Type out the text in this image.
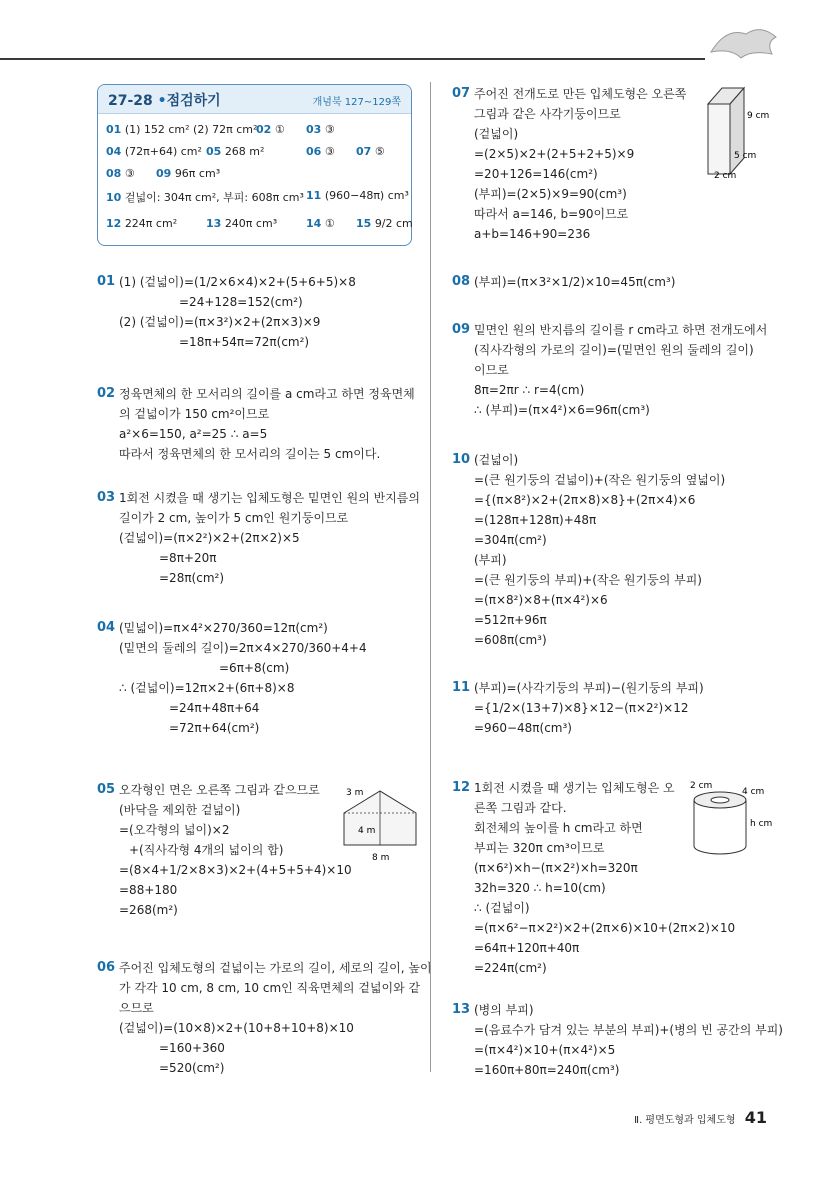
27-28 •점검하기	개념북 127~129쪽
01 (1) 152 cm² (2) 72π cm²
02 ① 03 ③
04 (72π+64) cm² 05 268 m²	06 ③ 07 ⑤
08 ③ 09 96π cm³
10 겉넓이: 304π cm², 부피: 608π cm³ 11 (960−48π) cm³
12 224π cm²	13 240π cm³	14 ① 15 9/2 cm
01 (1) (겉넓이)=(1/2×6×4)×2+(5+6+5)×8
=24+128=152(cm²)
(2) (겉넓이)=(π×3²)×2+(2π×3)×9
=18π+54π=72π(cm²)
02 정육면체의 한 모서리의 길이를 a cm라고 하면 정육면체
의 겉넓이가 150 cm²이므로
a²×6=150, a²=25 ∴ a=5
따라서 정육면체의 한 모서리의 길이는 5 cm이다.
03 1회전 시켰을 때 생기는 입체도형은 밑면인 원의 반지름의
길이가 2 cm, 높이가 5 cm인 원기둥이므로
(겉넓이)=(π×2²)×2+(2π×2)×5
=8π+20π
=28π(cm²)
04 (밑넓이)=π×4²×270/360=12π(cm²)
(밑면의 둘레의 길이)=2π×4×270/360+4+4
=6π+8(cm)
∴ (겉넓이)=12π×2+(6π+8)×8
=24π+48π+64
=72π+64(cm²)
05 오각형인 면은 오른쪽 그림과 같으므로
(바닥을 제외한 겉넓이)
=(오각형의 넓이)×2
+(직사각형 4개의 넓이의 합)
=(8×4+1/2×8×3)×2+(4+5+5+4)×10
=88+180
=268(m²)
06 주어진 입체도형의 겉넓이는 가로의 길이, 세로의 길이, 높이
가 각각 10 cm, 8 cm, 10 cm인 직육면체의 겉넓이와 같
으므로
(겉넓이)=(10×8)×2+(10+8+10+8)×10
=160+360
=520(cm²)
07 주어진 전개도로 만든 입체도형은 오른쪽
그림과 같은 사각기둥이므로
(겉넓이)
=(2×5)×2+(2+5+2+5)×9
=20+126=146(cm²)
(부피)=(2×5)×9=90(cm³)
따라서 a=146, b=90이므로
a+b=146+90=236
08 (부피)=(π×3²×1/2)×10=45π(cm³)
09 밑면인 원의 반지름의 길이를 r cm라고 하면 전개도에서
(직사각형의 가로의 길이)=(밑면인 원의 둘레의 길이)
이므로
8π=2πr ∴ r=4(cm)
∴ (부피)=(π×4²)×6=96π(cm³)
10 (겉넓이)
=(큰 원기둥의 겉넓이)+(작은 원기둥의 옆넓이)
={(π×8²)×2+(2π×8)×8}+(2π×4)×6
=(128π+128π)+48π
=304π(cm²)
(부피)
=(큰 원기둥의 부피)+(작은 원기둥의 부피)
=(π×8²)×8+(π×4²)×6
=512π+96π
=608π(cm³)
11 (부피)=(사각기둥의 부피)−(원기둥의 부피)
={1/2×(13+7)×8}×12−(π×2²)×12
=960−48π(cm³)
12 1회전 시켰을 때 생기는 입체도형은 오
른쪽 그림과 같다.
회전체의 높이를 h cm라고 하면
부피는 320π cm³이므로
(π×6²)×h−(π×2²)×h=320π
32h=320 ∴ h=10(cm)
∴ (겉넓이)
=(π×6²−π×2²)×2+(2π×6)×10+(2π×2)×10
=64π+120π+40π
=224π(cm²)
13 (병의 부피)
=(음료수가 담겨 있는 부분의 부피)+(병의 빈 공간의 부피)
=(π×4²)×10+(π×4²)×5
=160π+80π=240π(cm³)
3 m
4 m
8 m
9 cm
5 cm
2 cm
2 cm
4 cm
h cm
Ⅱ. 평면도형과 입체도형 41
